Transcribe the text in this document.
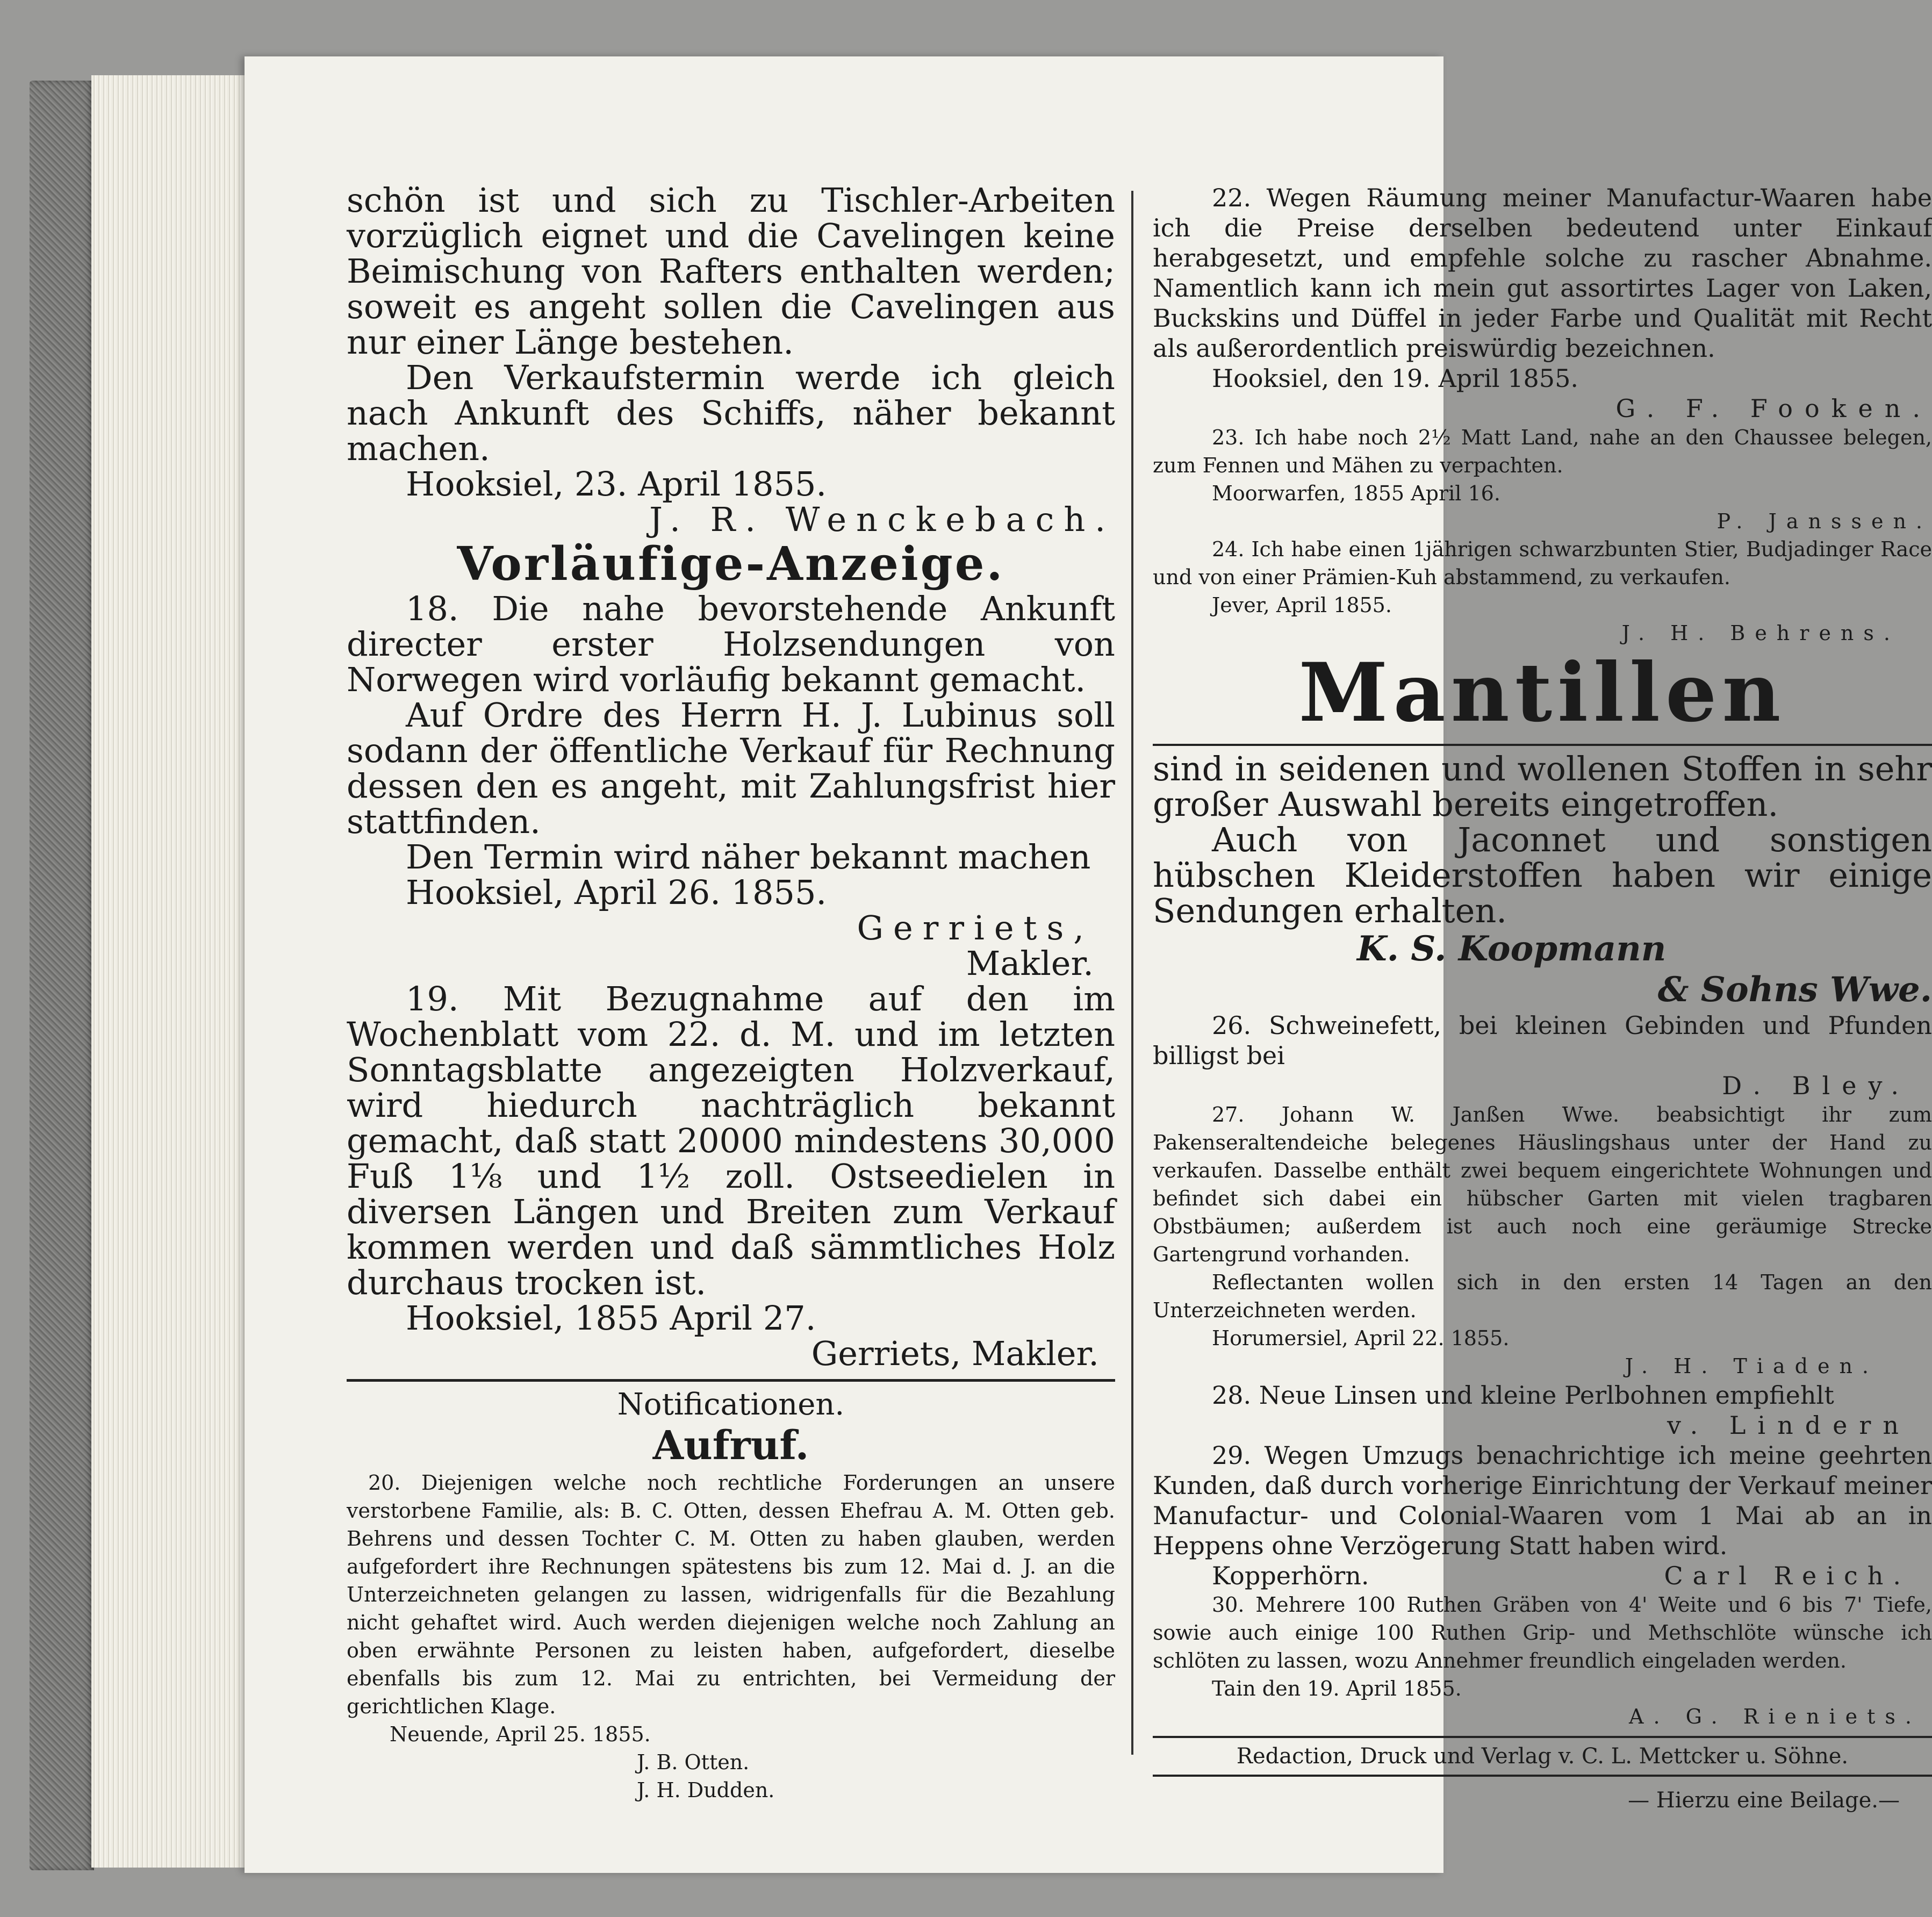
schön ist und sich zu Tischler-Arbeiten vorzüglich eignet und die Cavelingen keine Beimischung von Rafters enthalten werden; soweit es angeht sollen die Cavelingen aus nur einer Länge bestehen.

Den Verkaufstermin werde ich gleich nach Ankunft des Schiffs, näher bekannt machen.

Hooksiel, 23. April 1855.

J. R. Wenckebach.

Vorläufige-Anzeige.

18. Die nahe bevorstehende Ankunft directer erster Holzsendungen von Norwegen wird vorläufig bekannt gemacht.

Auf Ordre des Herrn H. J. Lubinus soll sodann der öffentliche Verkauf für Rechnung dessen den es angeht, mit Zahlungsfrist hier stattfinden.

Den Termin wird näher bekannt machen

Hooksiel, April 26. 1855.

Gerriets,

Makler.

19. Mit Bezugnahme auf den im Wochenblatt vom 22. d. M. und im letzten Sonntagsblatte angezeigten Holzverkauf, wird hiedurch nachträglich bekannt gemacht, daß statt 20000 mindestens 30,000 Fuß 1¹⁄₈ und 1¹⁄₂ zoll. Ostseedielen in diversen Längen und Breiten zum Verkauf kommen werden und daß sämmtliches Holz durchaus trocken ist.

Hooksiel, 1855 April 27.

Gerriets, Makler.

Notificationen.

Aufruf.

20. Diejenigen welche noch rechtliche Forderungen an unsere verstorbene Familie, als: B. C. Otten, dessen Ehefrau A. M. Otten geb. Behrens und dessen Tochter C. M. Otten zu haben glauben, werden aufgefordert ihre Rechnungen spätestens bis zum 12. Mai d. J. an die Unterzeichneten gelangen zu lassen, widrigenfalls für die Bezahlung nicht gehaftet wird. Auch werden diejenigen welche noch Zahlung an oben erwähnte Personen zu leisten haben, aufgefordert, dieselbe ebenfalls bis zum 12. Mai zu entrichten, bei Vermeidung der gerichtlichen Klage.

Neuende, April 25. 1855.

J. B. Otten.

J. H. Dudden.

22. Wegen Räumung meiner Manufactur-Waaren habe ich die Preise derselben bedeutend unter Einkauf herabgesetzt, und empfehle solche zu rascher Abnahme. Namentlich kann ich mein gut assortirtes Lager von Laken, Buckskins und Düffel in jeder Farbe und Qualität mit Recht als außerordentlich preiswürdig bezeichnen.

Hooksiel, den 19. April 1855.

G. F. Fooken.

23. Ich habe noch 2½ Matt Land, nahe an den Chaussee belegen, zum Fennen und Mähen zu verpachten.

Moorwarfen, 1855 April 16.

P. Janssen.

24. Ich habe einen 1jährigen schwarzbunten Stier, Budjadinger Race und von einer Prämien-Kuh abstammend, zu verkaufen.

Jever, April 1855.

J. H. Behrens.

Mantillen

sind in seidenen und wollenen Stoffen in sehr großer Auswahl bereits eingetroffen.

Auch von Jaconnet und sonstigen hübschen Kleiderstoffen haben wir einige Sendungen erhalten.

K. S. Koopmann

& Sohns Wwe.

26. Schweinefett, bei kleinen Gebinden und Pfunden billigst bei

D. Bley.

27. Johann W. Janßen Wwe. beabsichtigt ihr zum Pakenseraltendeiche belegenes Häuslingshaus unter der Hand zu verkaufen. Dasselbe enthält zwei bequem eingerichtete Wohnungen und befindet sich dabei ein hübscher Garten mit vielen tragbaren Obstbäumen; außerdem ist auch noch eine geräumige Strecke Gartengrund vorhanden.

Reflectanten wollen sich in den ersten 14 Tagen an den Unterzeichneten werden.

Horumersiel, April 22. 1855.

J. H. Tiaden.

28. Neue Linsen und kleine Perlbohnen empfiehlt

v. Lindern

29. Wegen Umzugs benachrichtige ich meine geehrten Kunden, daß durch vorherige Einrichtung der Verkauf meiner Manufactur- und Colonial-Waaren vom 1 Mai ab an in Heppens ohne Verzögerung Statt haben wird.

Kopperhörn.	Carl Reich.

30. Mehrere 100 Ruthen Gräben von 4' Weite und 6 bis 7' Tiefe, sowie auch einige 100 Ruthen Grip- und Methschlöte wünsche ich schlöten zu lassen, wozu Annehmer freundlich eingeladen werden.

Tain den 19. April 1855.

A. G. Rieniets.

Redaction, Druck und Verlag v. C. L. Mettcker u. Söhne.

— Hierzu eine Beilage.—
